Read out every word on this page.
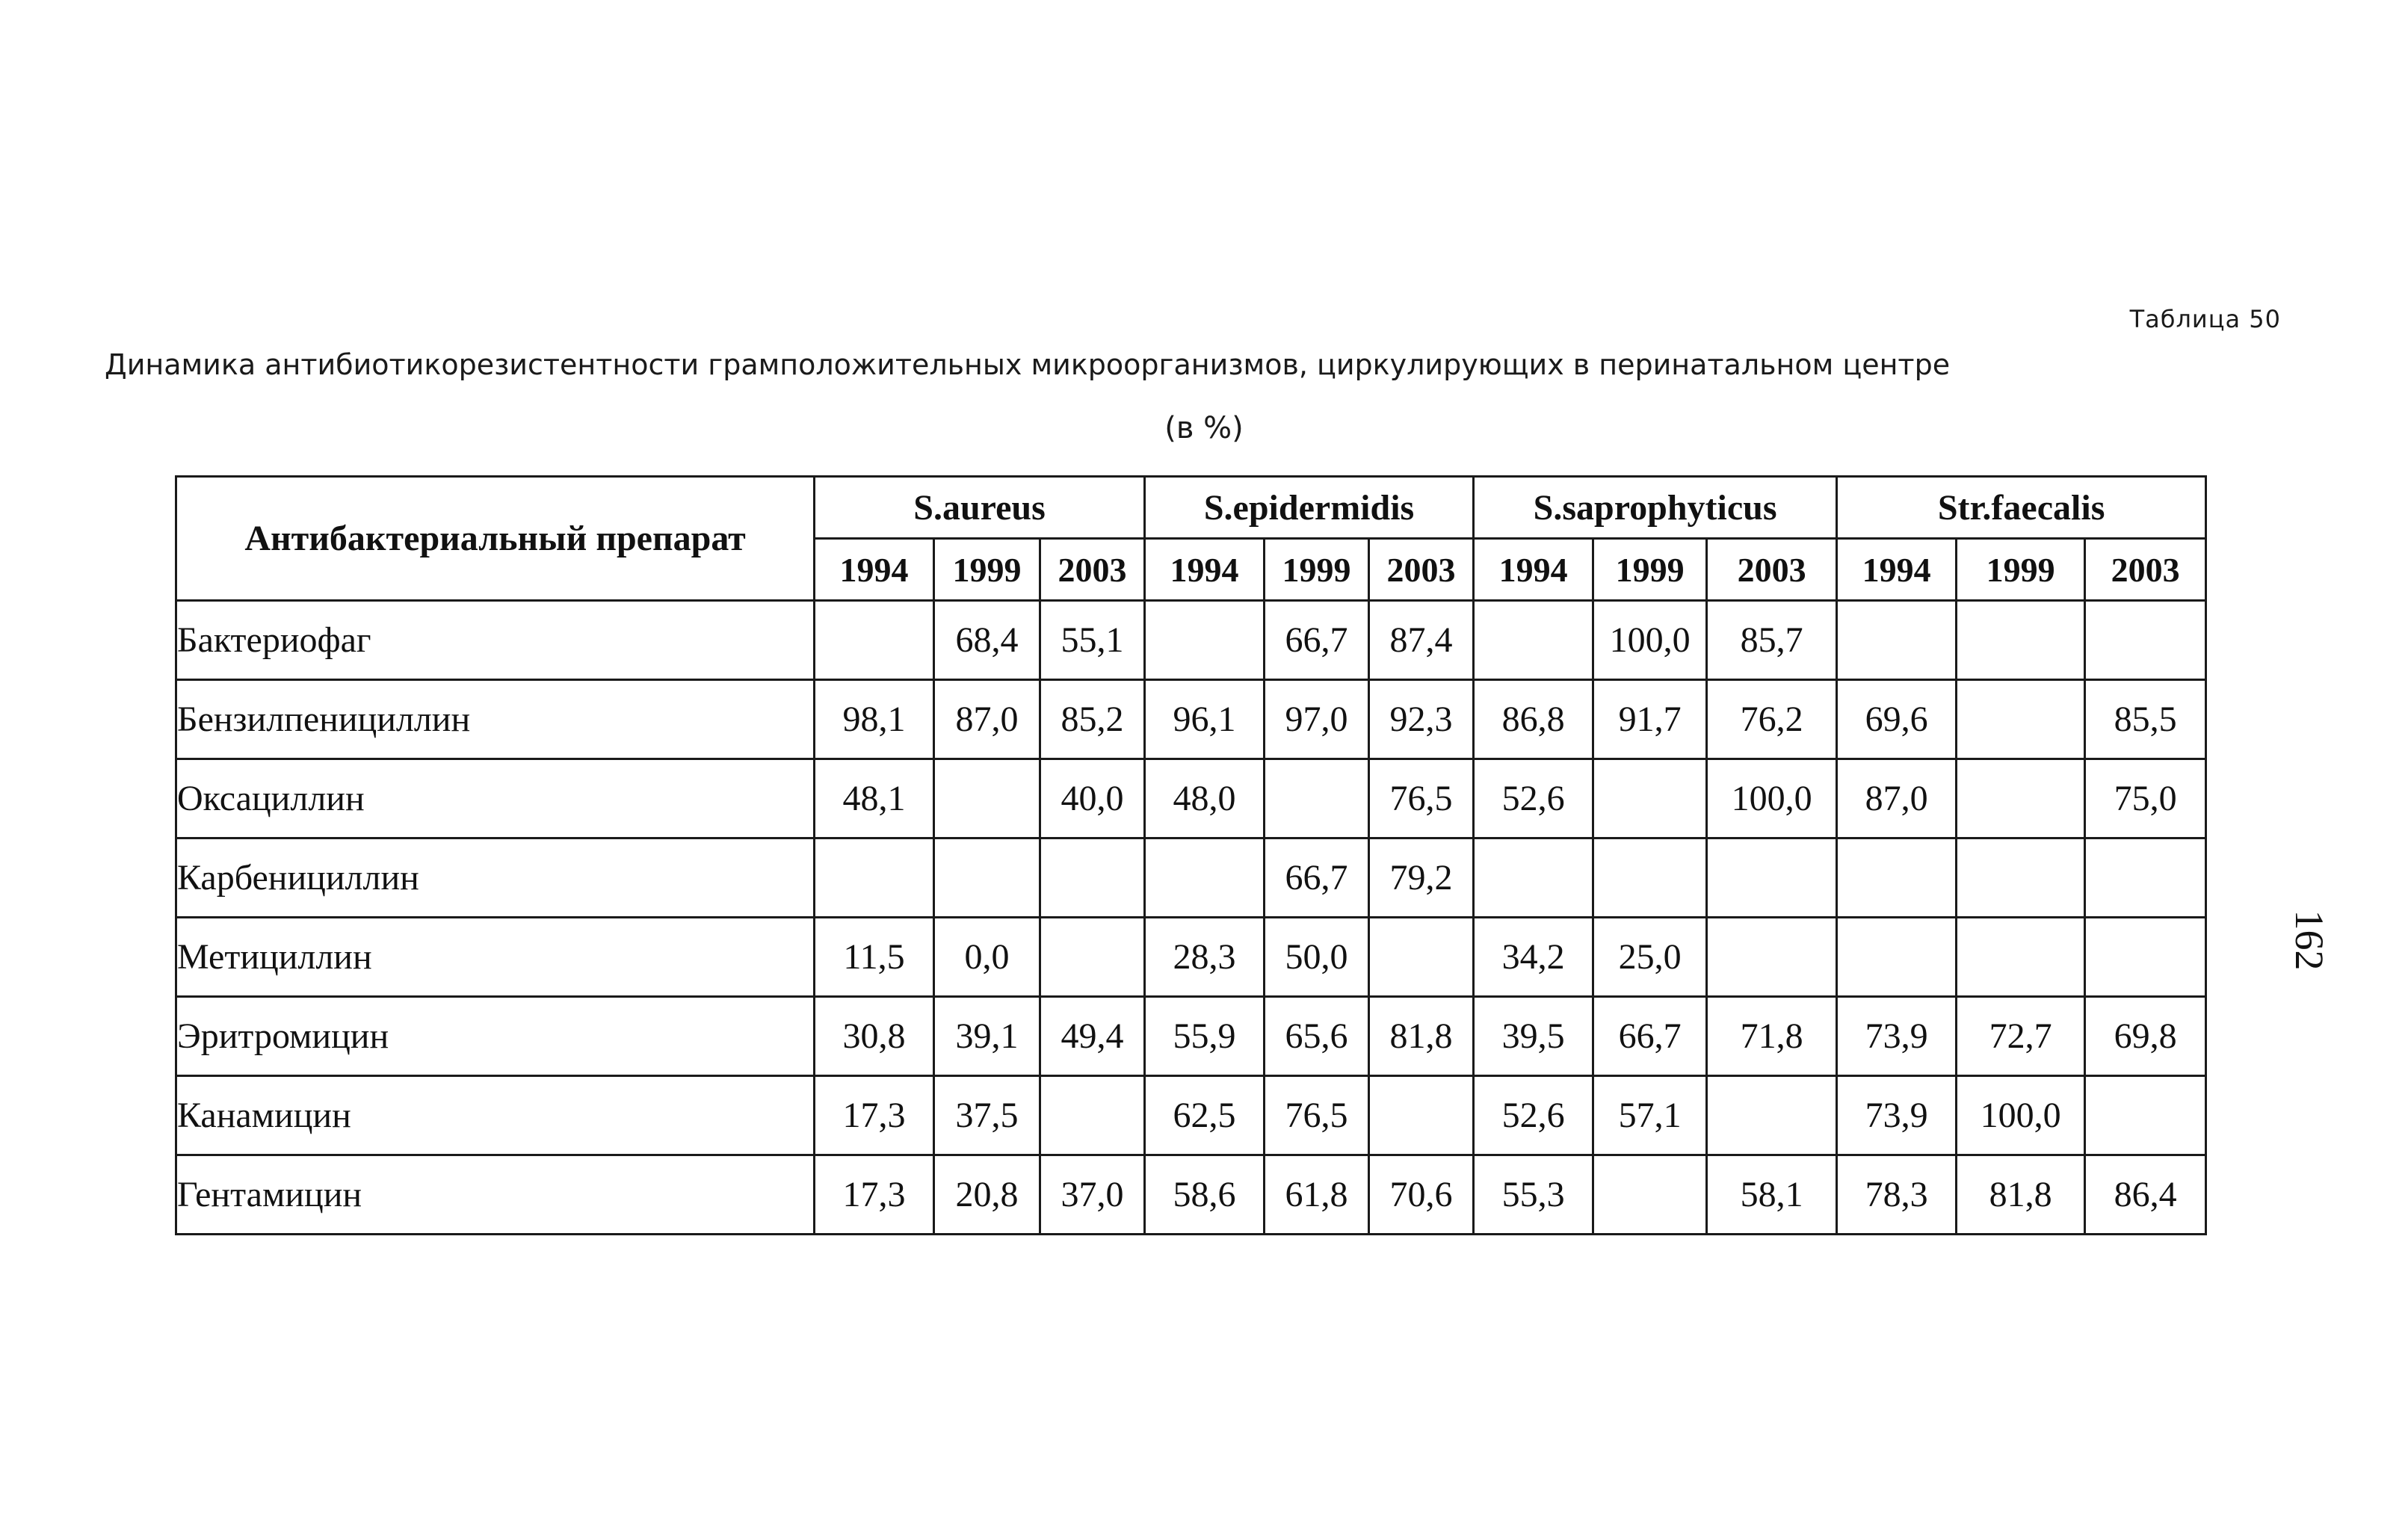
Таблица 50
Динамика антибиотикорезистентности грамположительных микроорганизмов, циркулирующих в перинатальном центре
(в %)
162
Антибактериальный препарат	S.aureus			S.epidermidis			S.saprophyticus			Str.faecalis		
	1994	1999	2003	1994	1999	2003	1994	1999	2003	1994	1999	2003
Бактериофаг		68,4	55,1		66,7	87,4		100,0	85,7			
Бензилпенициллин	98,1	87,0	85,2	96,1	97,0	92,3	86,8	91,7	76,2	69,6		85,5
Оксациллин	48,1		40,0	48,0		76,5	52,6		100,0	87,0		75,0
Карбенициллин					66,7	79,2						
Метициллин	11,5	0,0		28,3	50,0		34,2	25,0				
Эритромицин	30,8	39,1	49,4	55,9	65,6	81,8	39,5	66,7	71,8	73,9	72,7	69,8
Канамицин	17,3	37,5		62,5	76,5		52,6	57,1		73,9	100,0	
Гентамицин	17,3	20,8	37,0	58,6	61,8	70,6	55,3		58,1	78,3	81,8	86,4
